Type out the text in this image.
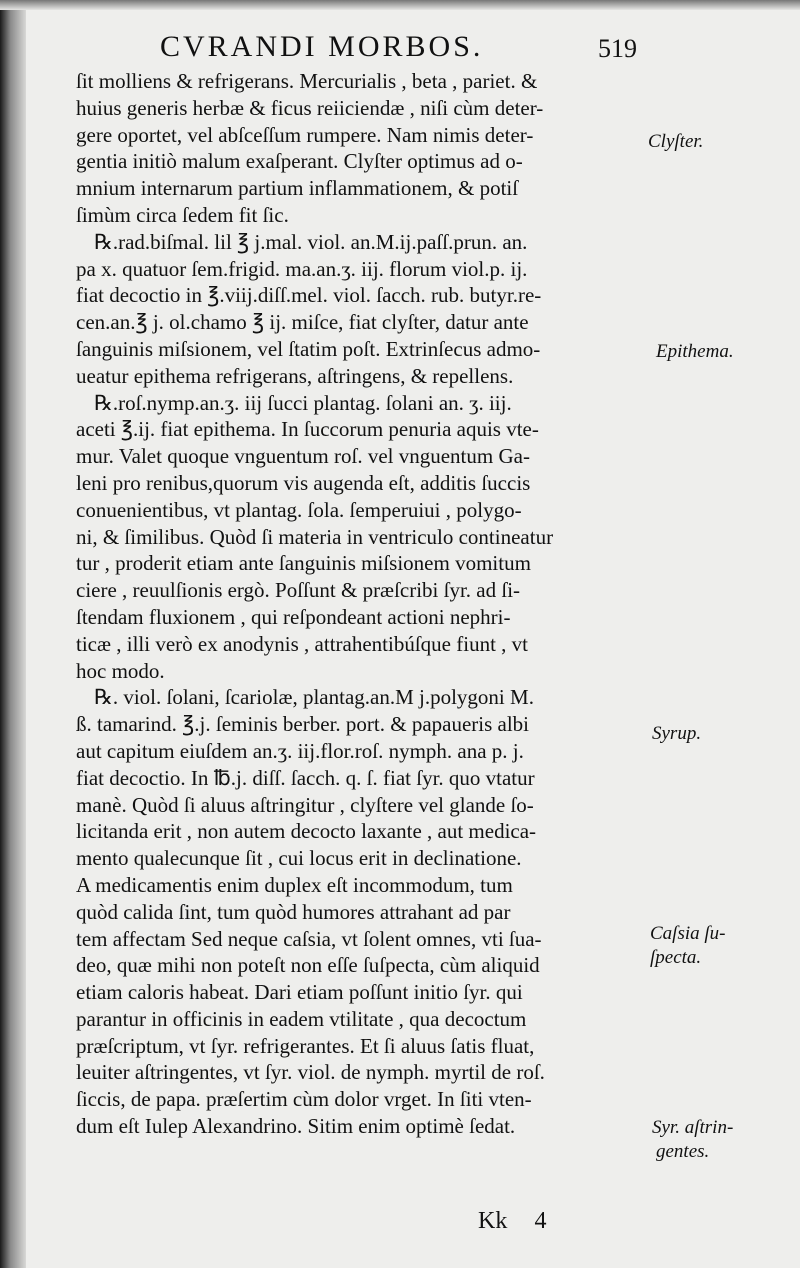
CVRANDI MORBOS.	519
ſit molliens & refrigerans. Mercurialis , beta , pariet. &
huius generis herbæ & ficus reiiciendæ , niſi cùm deter-
gere oportet, vel abſceſſum rumpere. Nam nimis deter-
gentia initiò malum exaſperant. Clyſter optimus ad o-
mnium internarum partium inflammationem, & potiſ
ſimùm circa ſedem fit ſic.
℞.rad.biſmal. lil ℥ j.mal. viol. an.M.ij.paſſ.prun. an.
pa x. quatuor ſem.frigid. ma.an.ʒ. iij. florum viol.p. ij.
fiat decoctio in ℥.viij.diſſ.mel. viol. ſacch. rub. butyr.re-
cen.an.℥ j. ol.chamo ℥ ij. miſce, fiat clyſter, datur ante
ſanguinis miſsionem, vel ſtatim poſt. Extrinſecus admo-
ueatur epithema refrigerans, aſtringens, & repellens.
℞.roſ.nymp.an.ʒ. iij ſucci plantag. ſolani an. ʒ. iij.
aceti ℥.ij. fiat epithema. In ſuccorum penuria aquis vte-
mur. Valet quoque vnguentum roſ. vel vnguentum Ga-
leni pro renibus,quorum vis augenda eſt, additis ſuccis
conuenientibus, vt plantag. ſola. ſemperuiui , polygo-
ni, & ſimilibus. Quòd ſi materia in ventriculo contineatur
tur , proderit etiam ante ſanguinis miſsionem vomitum
ciere , reuulſionis ergò. Poſſunt & præſcribi ſyr. ad ſi-
ſtendam fluxionem , qui reſpondeant actioni nephri-
ticæ , illi verò ex anodynis , attrahentibúſque fiunt , vt
hoc modo.
℞. viol. ſolani, ſcariolæ, plantag.an.M j.polygoni M.
ß. tamarind. ℥.j. ſeminis berber. port. & papaueris albi
aut capitum eiuſdem an.ʒ. iij.flor.roſ. nymph. ana p. j.
fiat decoctio. In ℔.j. diſſ. ſacch. q. ſ. fiat ſyr. quo vtatur
manè. Quòd ſi aluus aſtringitur , clyſtere vel glande ſo-
licitanda erit , non autem decocto laxante , aut medica-
mento qualecunque ſit , cui locus erit in declinatione.
A medicamentis enim duplex eſt incommodum, tum
quòd calida ſint, tum quòd humores attrahant ad par
tem affectam Sed neque caſsia, vt ſolent omnes, vti ſua-
deo, quæ mihi non poteſt non eſſe ſuſpecta, cùm aliquid
etiam caloris habeat. Dari etiam poſſunt initio ſyr. qui
parantur in officinis in eadem vtilitate , qua decoctum
præſcriptum, vt ſyr. refrigerantes. Et ſi aluus ſatis fluat,
leuiter aſtringentes, vt ſyr. viol. de nymph. myrtil de roſ.
ſiccis, de papa. præſertim cùm dolor vrget. In ſiti vten-
dum eſt Iulep Alexandrino. Sitim enim optimè ſedat.
Clyſter.
Epithema.
Syrup.
Caſsia ſu-
ſpecta.
Syr. aſtrin-
gentes.
Kk 4
